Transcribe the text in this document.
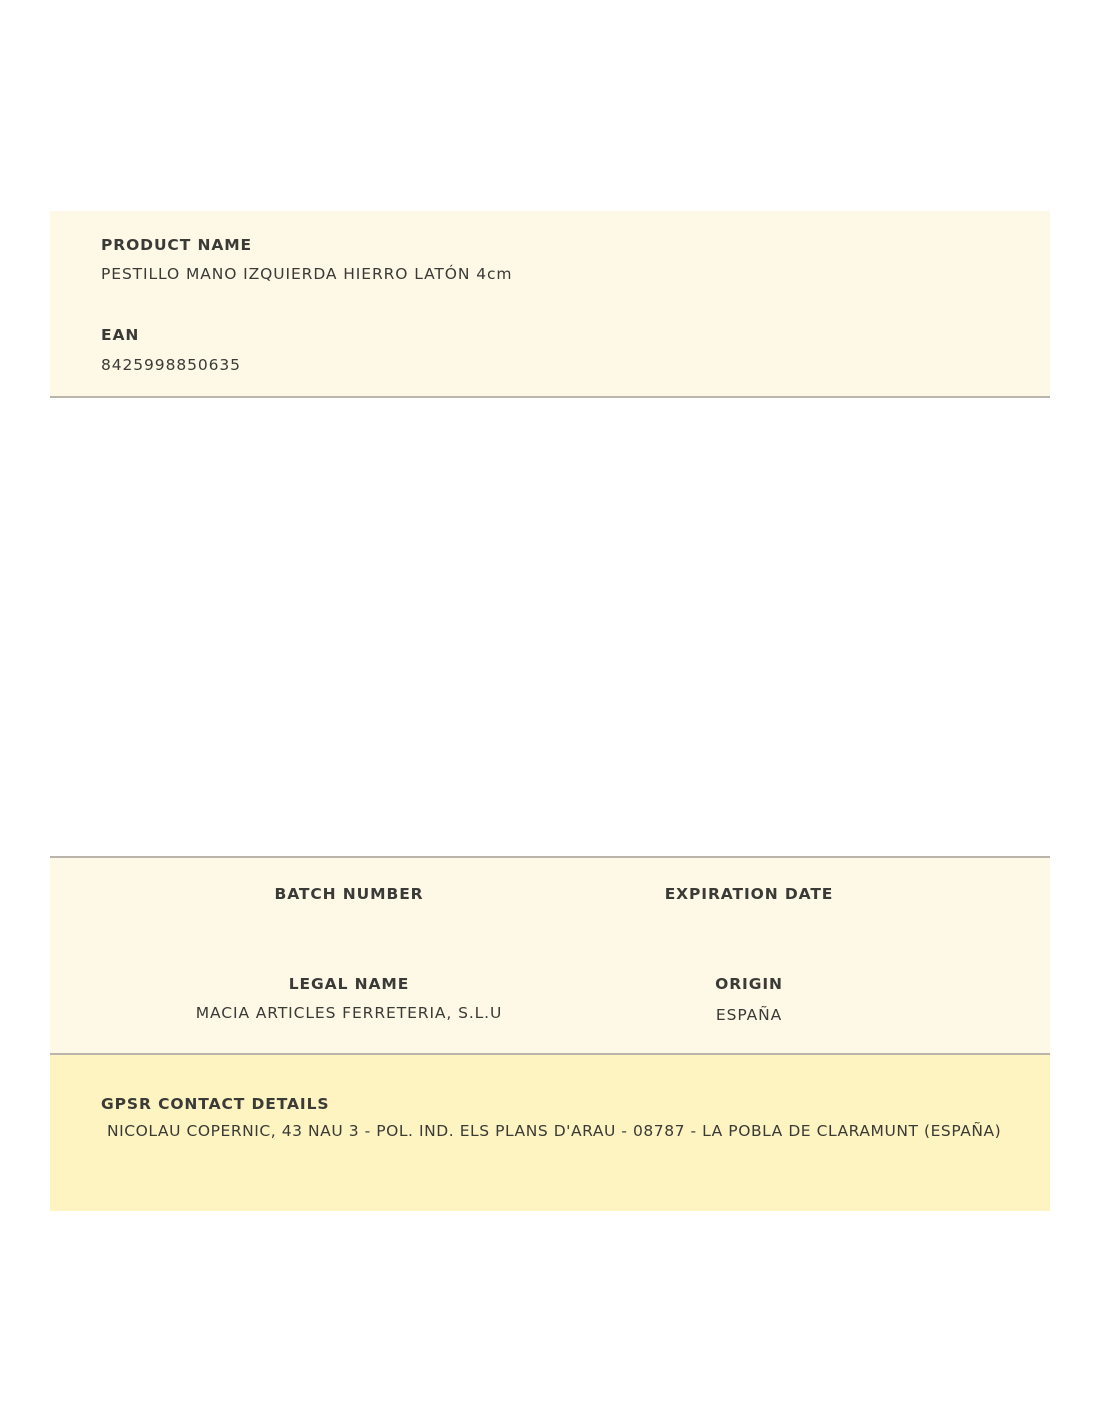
PRODUCT NAME
PESTILLO MANO IZQUIERDA HIERRO LATÓN 4cm
EAN
8425998850635
BATCH NUMBER	EXPIRATION DATE
LEGAL NAME
MACIA ARTICLES FERRETERIA, S.L.U
ORIGIN
ESPAÑA
GPSR CONTACT DETAILS
NICOLAU COPERNIC, 43 NAU 3 - POL. IND. ELS PLANS D'ARAU - 08787 - LA POBLA DE CLARAMUNT (ESPAÑA)
